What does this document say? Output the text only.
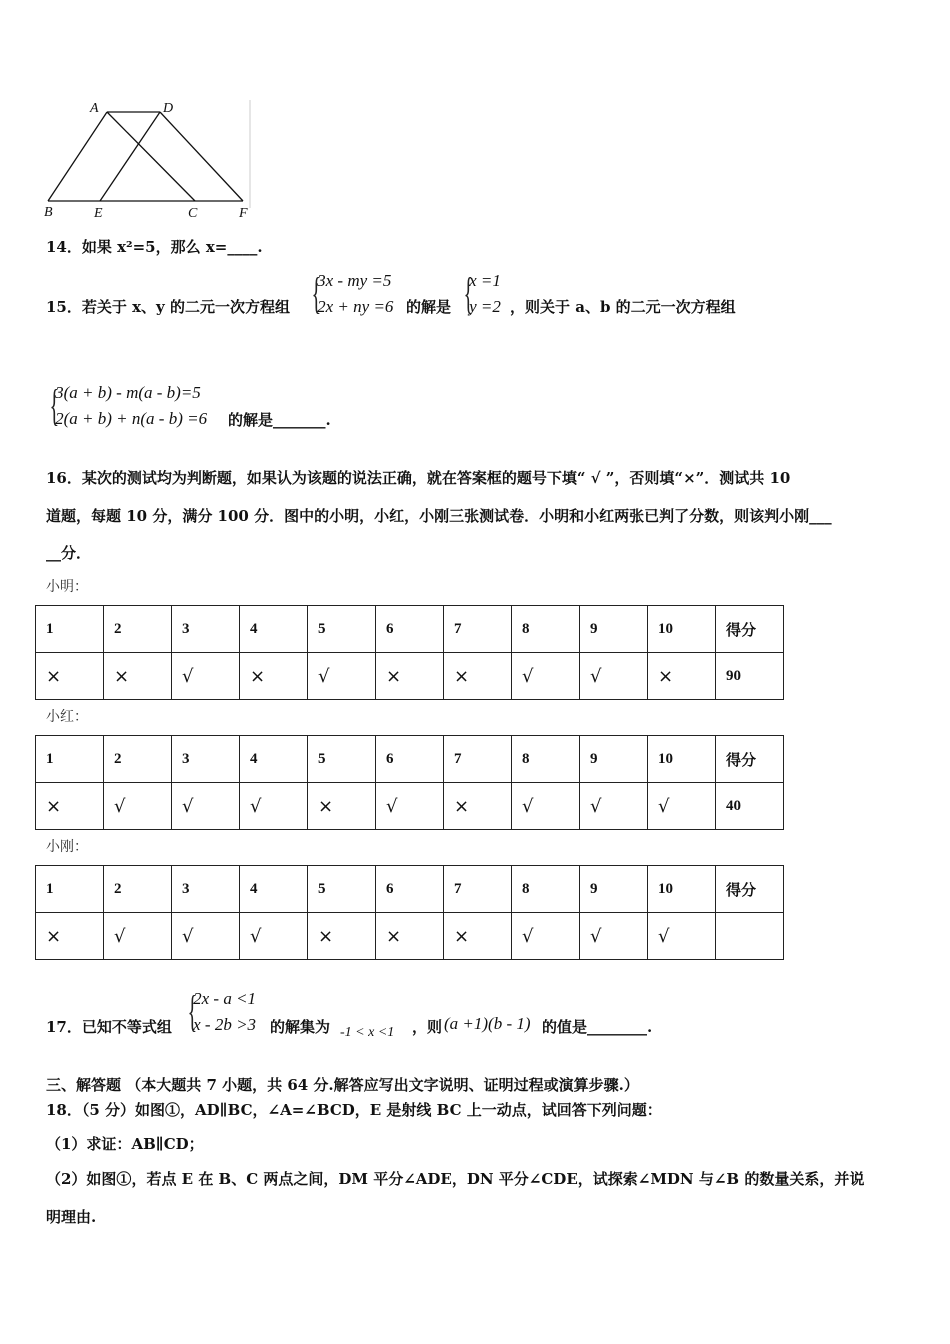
A	D
B	E	C	F
14．如果 x²=5，那么 x=____.
15．若关于 x、y 的二元一次方程组 {
3x - my =5
2x + ny =6 的解是 {
x =1
y =2 ，则关于 a、b 的二元一次方程组
{
3(a + b) - m(a - b)=5
2(a + b) + n(a - b) =6 的解是_______.
16．某次的测试均为判断题，如果认为该题的说法正确，就在答案框的题号下填“ √ ”，否则填“×”．测试共 10
道题，每题 10 分，满分 100 分．图中的小明，小红，小刚三张测试卷．小明和小红两张已判了分数，则该判小刚___
__分．
小明：
1	2	3	4	5	6	7	8	9	10	得分
×	×	√	×	√	×	×	√	√	×	90
小红：
1	2	3	4	5	6	7	8	9	10	得分
×	√	√	√	×	√	×	√	√	√	40
小刚：
1	2	3	4	5	6	7	8	9	10	得分
×	√	√	√	×	×	×	√	√	√	
17．已知不等式组 {
2x - a <1
x - 2b >3 的解集为 -1 < x <1 ，则 (a +1)(b - 1) 的值是________.
三、解答题 （本大题共 7 小题，共 64 分.解答应写出文字说明、证明过程或演算步骤.）
18．（5 分）如图①，AD∥BC，∠A=∠BCD，E 是射线 BC 上一动点，试回答下列问题：
（1）求证：AB∥CD；
（2）如图①，若点 E 在 B、C 两点之间，DM 平分∠ADE，DN 平分∠CDE，试探索∠MDN 与∠B 的数量关系，并说
明理由.
